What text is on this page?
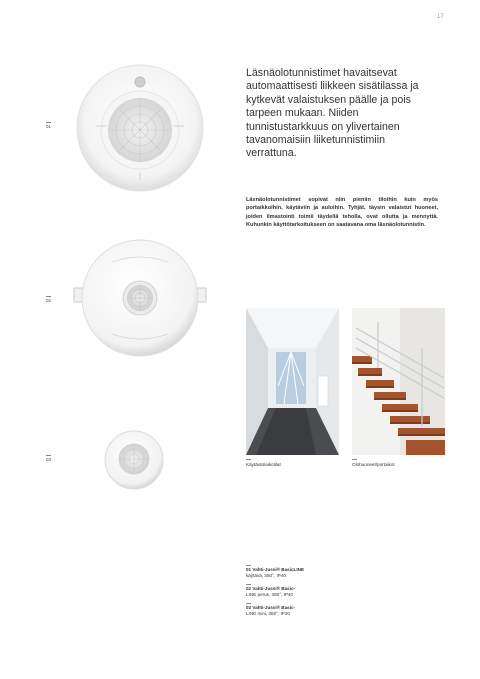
17
01
02
03
Läsnäolotunnistimet havaitsevat automaattisesti liikkeen sisätilassa ja kytkevät valaistuksen päälle ja pois tarpeen mukaan. Niiden tunnistustarkkuus on ylivertainen tavanomaisiin liiketunnistimiin verrattuna.
Läsnäolotunnistimet sopivat niin pieniin tiloihin kuin myös portaikkoihin, käytäviin ja auloihin. Tyhjät, täysin valaistut huoneet, joiden ilmastointi toimii täydellä teholla, ovat ollutta ja mennyttä. Kuhunkin käyttötarkoitukseen on saatavana oma läsnäolotunnistin.
Käytävät/aikotilat	Olohuoneet/portaikot
01 Vahti-Jussi® BasicLINE
käytävä, 360°, IP40
02 Vahti-Jussi® Basic-
LINE perus, 360°, IP40
03 Vahti-Jussi® Basic-
LINE mini, 360°, IP20
